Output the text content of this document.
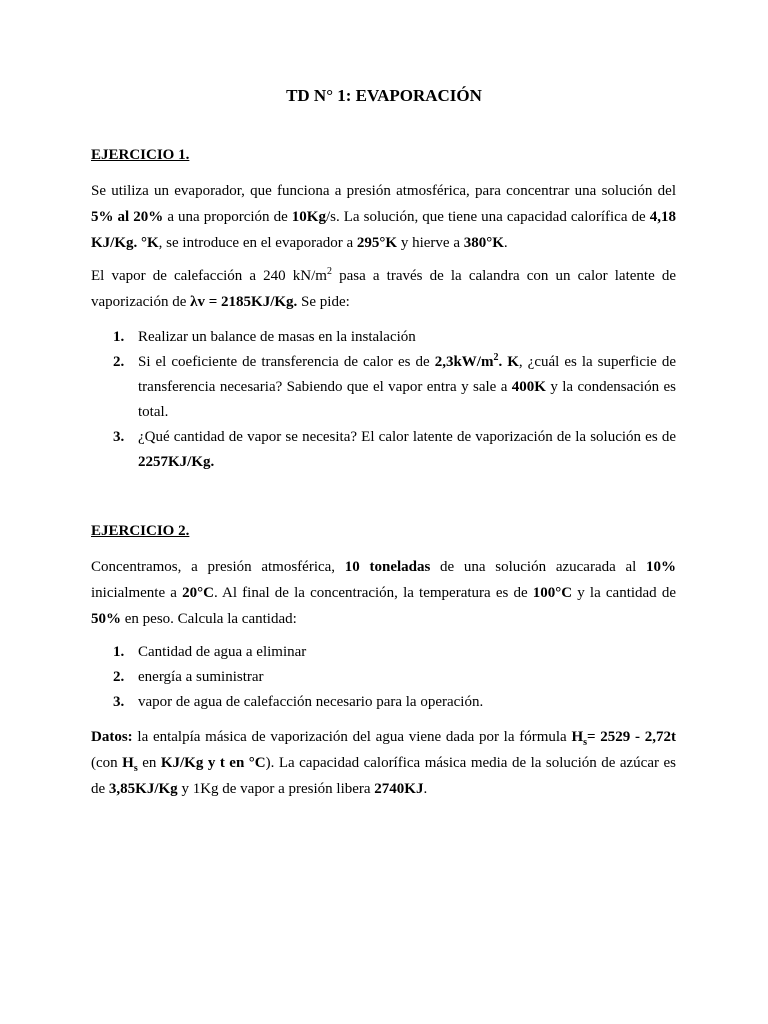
TD N° 1: EVAPORACIÓN
EJERCICIO 1.

Se utiliza un evaporador, que funciona a presión atmosférica, para concentrar una solución del 5% al 20% a una proporción de 10Kg/s. La solución, que tiene una capacidad calorífica de 4,18 KJ/Kg. °K, se introduce en el evaporador a 295°K y hierve a 380°K.

El vapor de calefacción a 240 $kN/m^2$ pasa a través de la calandra con un calor latente de vaporización de λv = 2185KJ/Kg. Se pide:

1. Realizar un balance de masas en la instalación
2. Si el coeficiente de transferencia de calor es de $2,3kW/m^2$. K, ¿cuál es la superficie de transferencia necesaria? Sabiendo que el vapor entra y sale a 400K y la condensación es total.
3. ¿Qué cantidad de vapor se necesita? El calor latente de vaporización de la solución es de 2257KJ/Kg.
EJERCICIO 2.

Concentramos, a presión atmosférica, 10 toneladas de una solución azucarada al 10% inicialmente a 20°C. Al final de la concentración, la temperatura es de 100°C y la cantidad de 50% en peso. Calcula la cantidad:

1. Cantidad de agua a eliminar
2. energía a suministrar
3. vapor de agua de calefacción necesario para la operación.

Datos: la entalpía másica de vaporización del agua viene dada por la fórmula $H_s= 2529 - 2,72t$ (con $H_s$ en KJ/Kg y t en °C). La capacidad calorífica másica media de la solución de azúcar es de 3,85KJ/Kg y 1Kg de vapor a presión libera 2740KJ.
